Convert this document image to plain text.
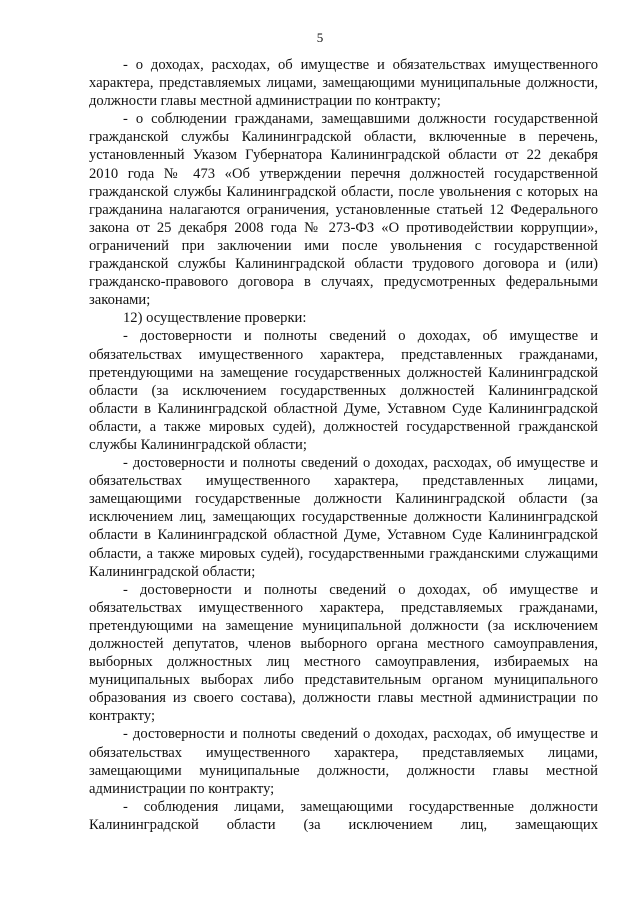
5

- о доходах, расходах, об имуществе и обязательствах имущественного характера, представляемых лицами, замещающими муниципальные должности, должности главы местной администрации по контракту;

- о соблюдении гражданами, замещавшими должности государственной гражданской службы Калининградской области, включенные в перечень, установленный Указом Губернатора Калининградской области от 22 декабря 2010 года № 473 «Об утверждении перечня должностей государственной гражданской службы Калининградской области, после увольнения с которых на гражданина налагаются ограничения, установленные статьей 12 Федерального закона от 25 декабря 2008 года № 273-ФЗ «О противодействии коррупции», ограничений при заключении ими после увольнения с государственной гражданской службы Калининградской области трудового договора и (или) гражданско-правового договора в случаях, предусмотренных федеральными законами;

12) осуществление проверки:

- достоверности и полноты сведений о доходах, об имуществе и обязательствах имущественного характера, представленных гражданами, претендующими на замещение государственных должностей Калининградской области (за исключением государственных должностей Калининградской области в Калининградской областной Думе, Уставном Суде Калининградской области, а также мировых судей), должностей государственной гражданской службы Калининградской области;

- достоверности и полноты сведений о доходах, расходах, об имуществе и обязательствах имущественного характера, представленных лицами, замещающими государственные должности Калининградской области (за исключением лиц, замещающих государственные должности Калининградской области в Калининградской областной Думе, Уставном Суде Калининградской области, а также мировых судей), государственными гражданскими служащими Калининградской области;

- достоверности и полноты сведений о доходах, об имуществе и обязательствах имущественного характера, представляемых гражданами, претендующими на замещение муниципальной должности (за исключением должностей депутатов, членов выборного органа местного самоуправления, выборных должностных лиц местного самоуправления, избираемых на муниципальных выборах либо представительным органом муниципального образования из своего состава), должности главы местной администрации по контракту;

- достоверности и полноты сведений о доходах, расходах, об имуществе и обязательствах имущественного характера, представляемых лицами, замещающими муниципальные должности, должности главы местной администрации по контракту;

- соблюдения лицами, замещающими государственные должности Калининградской области (за исключением лиц, замещающих
